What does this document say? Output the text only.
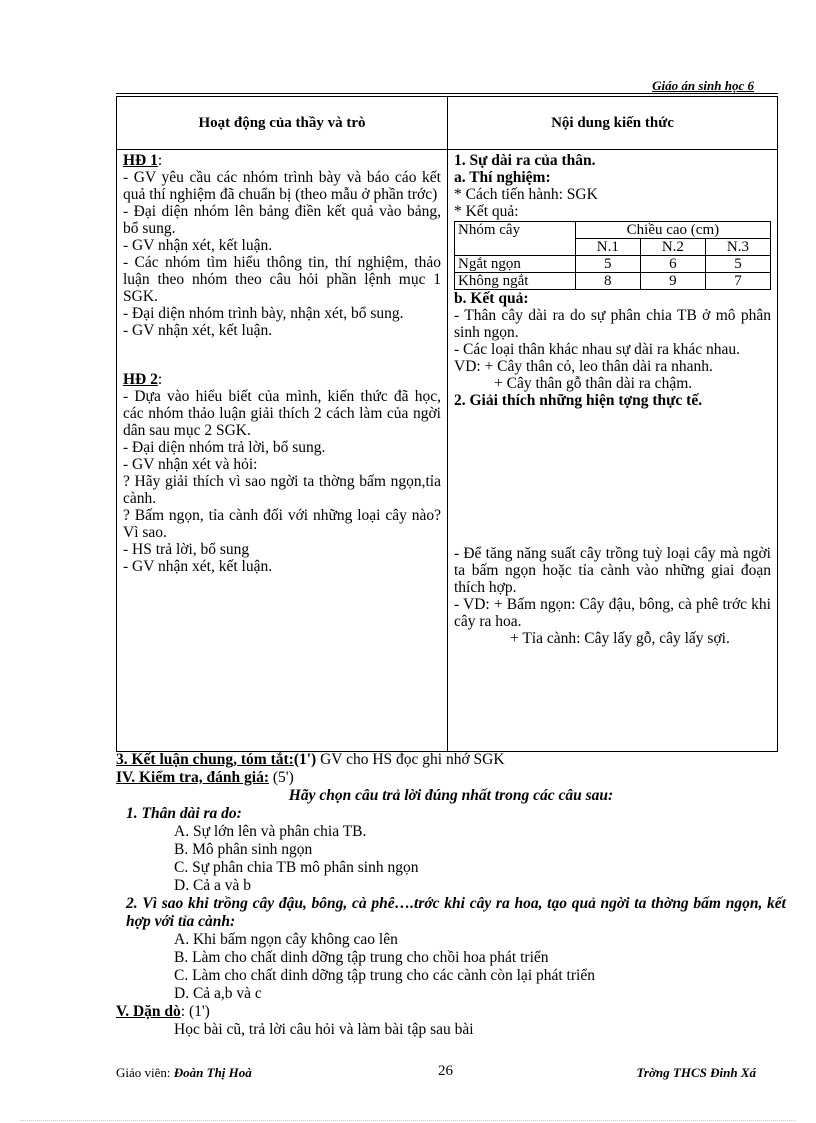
Giáo án sinh học 6
Hoạt động của thầy và trò	Nội dung kiến thức

HĐ 1:

- GV yêu cầu các nhóm trình bày và báo cáo kết quả thí nghiệm đã chuẩn bị (theo mẫu ở phần trớc)

- Đại diện nhóm lên bảng điền kết quả vào bảng, bổ sung.

- GV nhận xét, kết luận.

- Các nhóm tìm hiểu thông tin, thí nghiệm, thảo luận theo nhóm theo câu hỏi phần lệnh mục 1 SGK.

- Đại diện nhóm trình bày, nhận xét, bổ sung.

- GV nhận xét, kết luận.

HĐ 2:

- Dựa vào hiểu biết của mình, kiến thức đã học, các nhóm thảo luận giải thích 2 cách làm của ngời dân sau mục 2 SGK.

- Đại diện nhóm trả lời, bổ sung.

- GV nhận xét và hỏi:

? Hãy giải thích vì sao ngời ta thờng bấm ngọn,tỉa cành.

? Bấm ngọn, tỉa cành đối với những loại cây nào? Vì sao.

- HS trả lời, bổ sung

- GV nhận xét, kết luận.

1. Sự dài ra của thân.

a. Thí nghiệm:

* Cách tiến hành: SGK

* Kết quả:

Nhóm cây	Chiều cao (cm)
N.1	N.2	N.3
Ngắt ngọn	5	6	5
Không ngắt	8	9	7

b. Kết quả:

- Thân cây dài ra do sự phân chia TB ở mô phân sinh ngọn.

- Các loại thân khác nhau sự dài ra khác nhau.

VD: + Cây thân cỏ, leo thân dài ra nhanh.

+ Cây thân gỗ thân dài ra chậm.

2. Giải thích những hiện tợng thực tế.

- Để tăng năng suất cây trồng tuỳ loại cây mà ngời ta bấm ngọn hoặc tỉa cành vào những giai đoạn thích hợp.

- VD: + Bấm ngọn: Cây đậu, bông, cà phê trớc khi cây ra hoa.

+ Tỉa cành: Cây lấy gỗ, cây lấy sợi.

3. Kết luận chung, tóm tắt:(1') GV cho HS đọc ghi nhớ SGK

IV. Kiểm tra, đánh giá: (5')

Hãy chọn câu trả lời đúng nhất trong các câu sau:

1. Thân dài ra do:

A. Sự lớn lên và phân chia TB.

B. Mô phân sinh ngọn

C. Sự phân chia TB mô phân sinh ngọn

D. Cả a và b

2. Vì sao khi trồng cây đậu, bông, cà phê….trớc khi cây ra hoa, tạo quả ngời ta thờng bấm ngọn, kết hợp với tỉa cành:

A. Khi bấm ngọn cây không cao lên

B. Làm cho chất dinh dỡng tập trung cho chồi hoa phát triển

C. Làm cho chất dinh dỡng tập trung cho các cành còn lại phát triển

D. Cả a,b và c

V. Dặn dò: (1')

Học bài cũ, trả lời câu hỏi và làm bài tập sau bài

Giáo viên: Đoàn Thị Hoà	26	Trờng THCS Đinh Xá
